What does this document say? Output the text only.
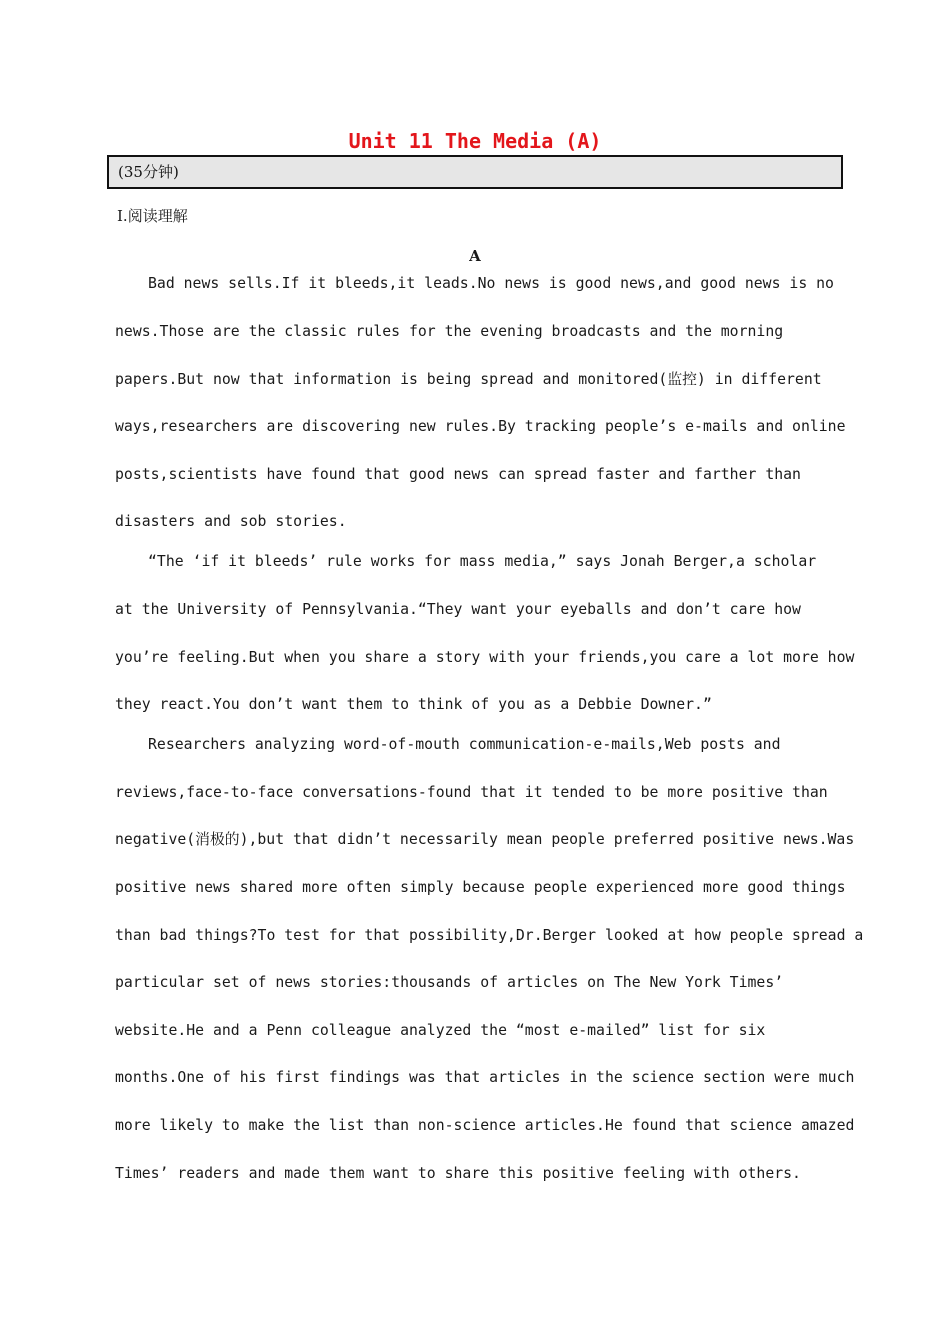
Unit 11 The Media (A)
(35分钟)
Ⅰ.阅读理解
A
Bad news sells.If it bleeds,it leads.No news is good news,and good news is no
news.Those are the classic rules for the evening broadcasts and the morning
papers.But now that information is being spread and monitored(监控) in different
ways,researchers are discovering new rules.By tracking people’s e-mails and online
posts,scientists have found that good news can spread faster and farther than
disasters and sob stories.
“The ‘if it bleeds’ rule works for mass media,” says Jonah Berger,a scholar
at the University of Pennsylvania.“They want your eyeballs and don’t care how
you’re feeling.But when you share a story with your friends,you care a lot more how
they react.You don’t want them to think of you as a Debbie Downer.”
Researchers analyzing word-of-mouth communication-e-mails,Web posts and
reviews,face-to-face conversations-found that it tended to be more positive than
negative(消极的),but that didn’t necessarily mean people preferred positive news.Was
positive news shared more often simply because people experienced more good things
than bad things?To test for that possibility,Dr.Berger looked at how people spread a
particular set of news stories:thousands of articles on The New York Times’
website.He and a Penn colleague analyzed the “most e-mailed” list for six
months.One of his first findings was that articles in the science section were much
more likely to make the list than non-science articles.He found that science amazed
Times’ readers and made them want to share this positive feeling with others.
